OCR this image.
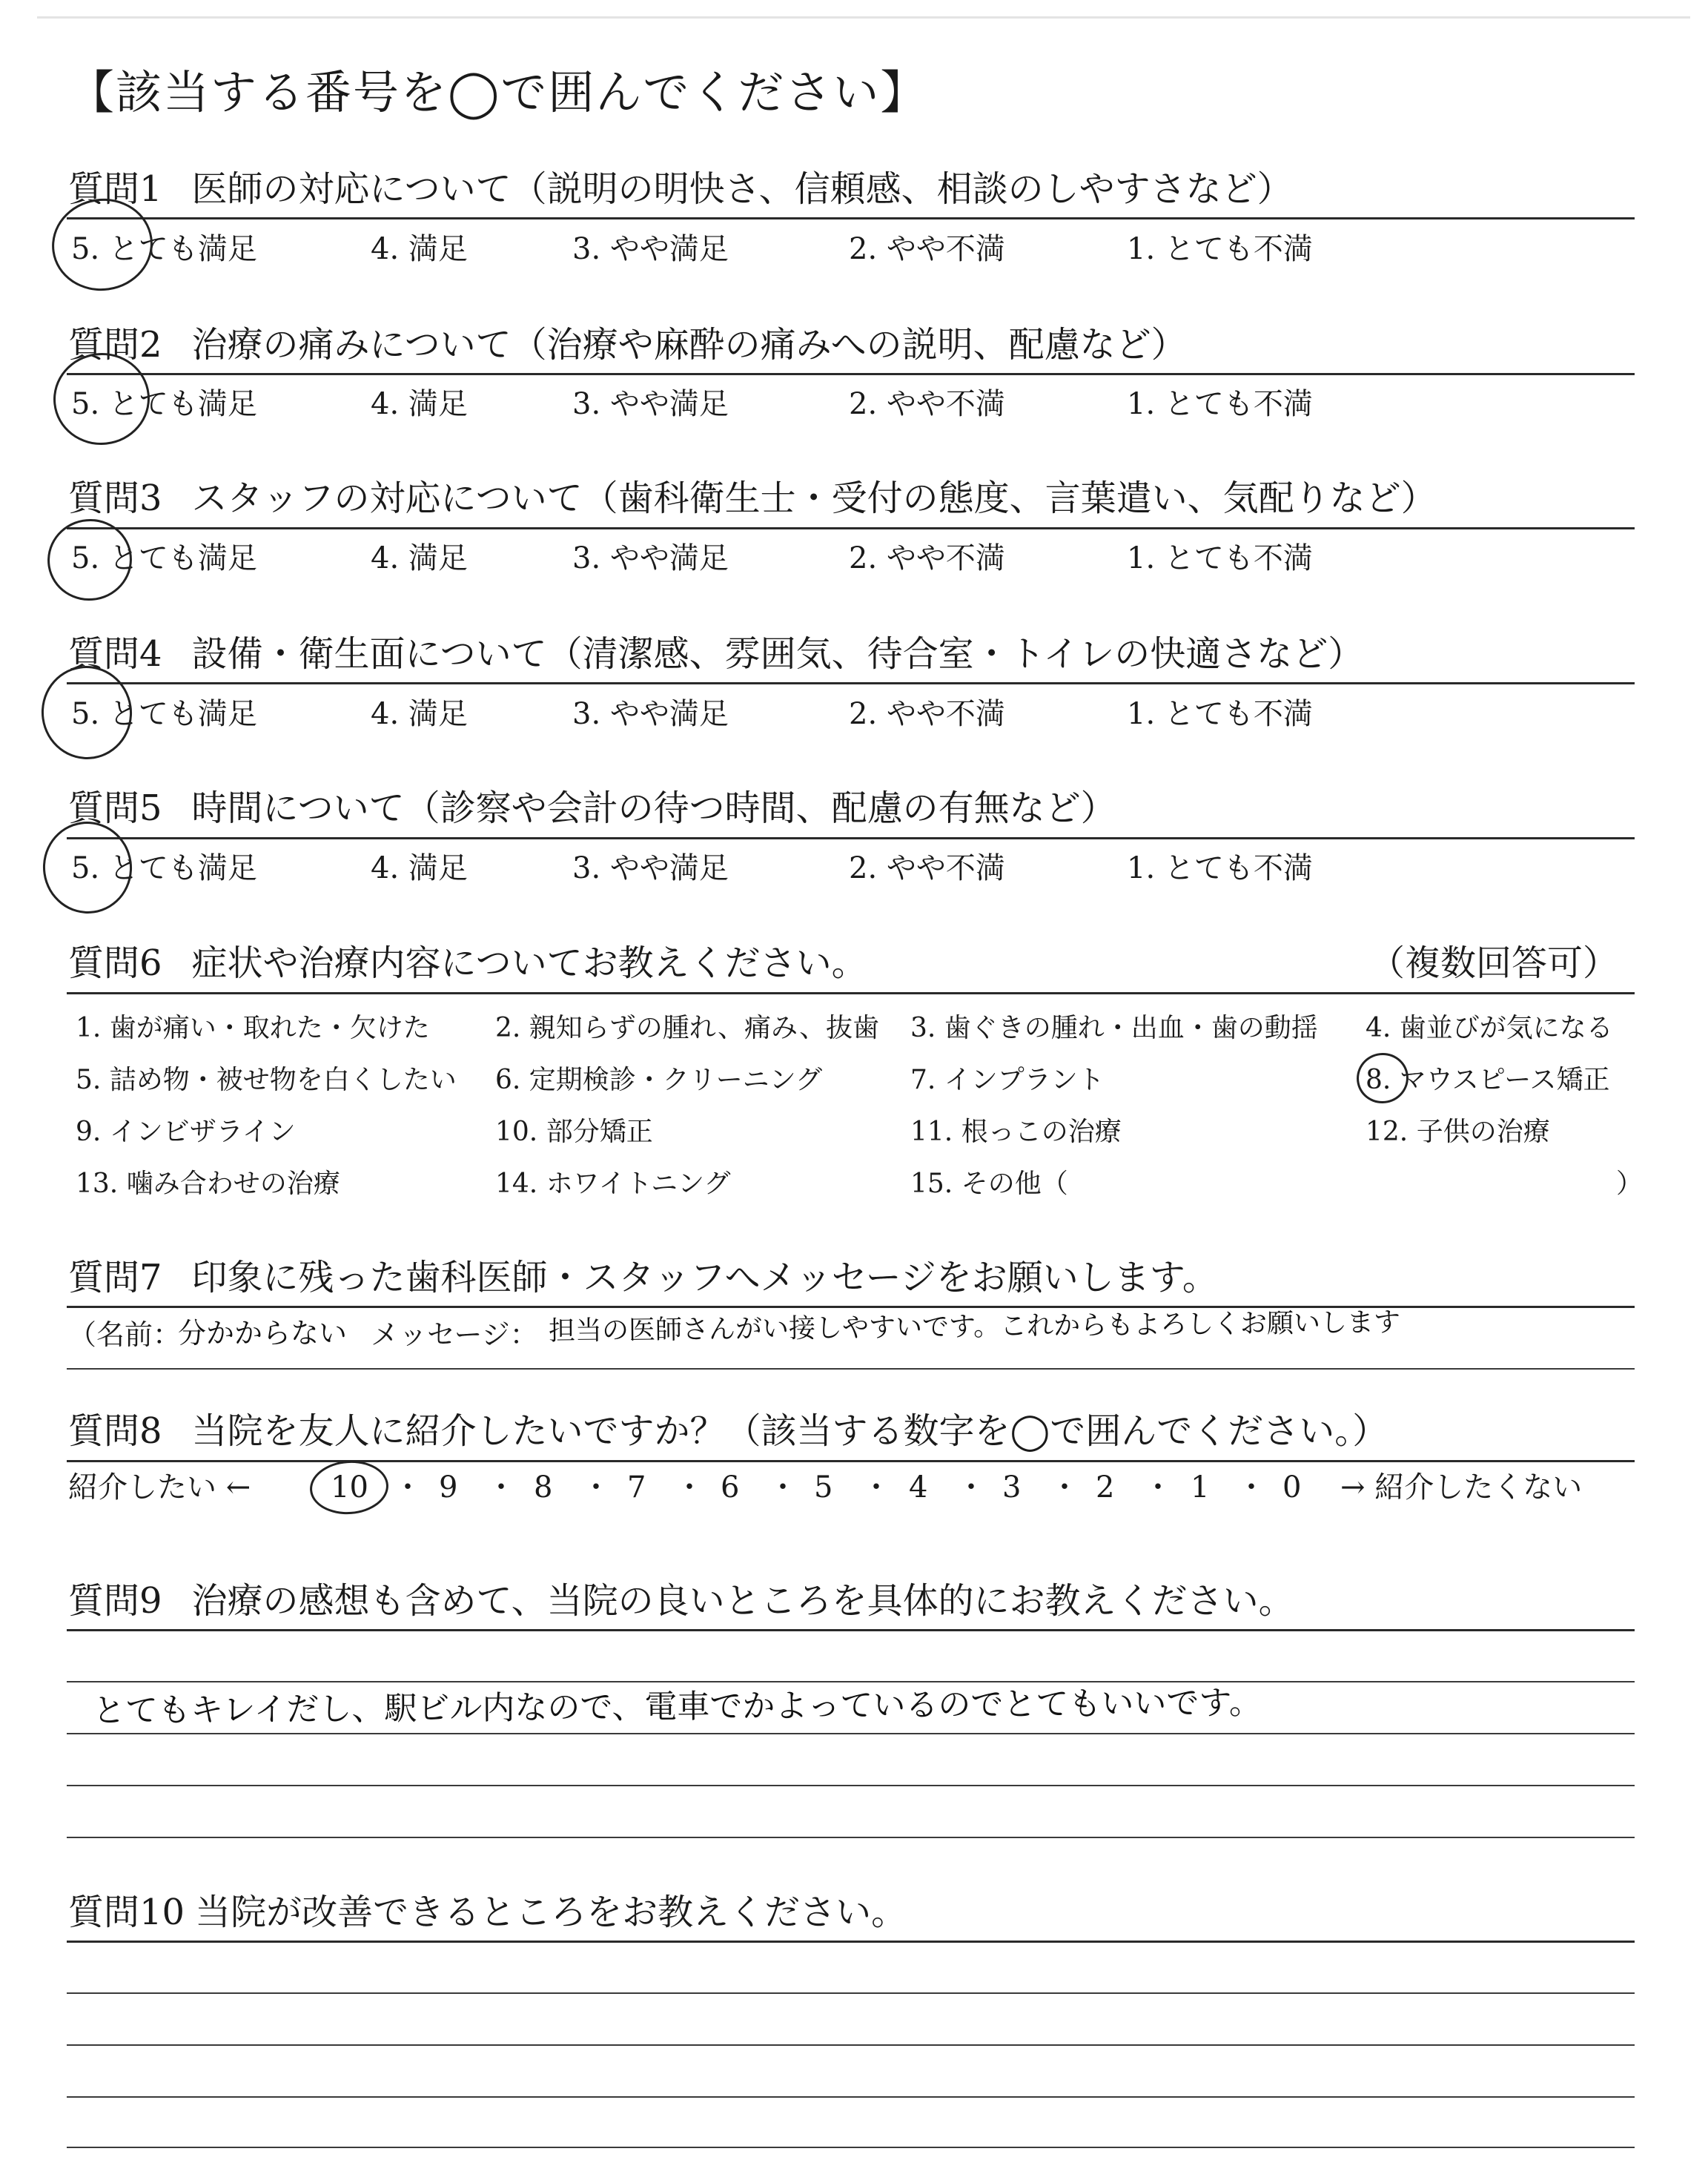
【該当する番号を◯で囲んでください】
質問1 医師の対応について（説明の明快さ、信頼感、相談のしやすさなど）
5. とても満足	4. 満足	3. やや満足	2. やや不満	1. とても不満
質問2 治療の痛みについて（治療や麻酔の痛みへの説明、配慮など）
5. とても満足	4. 満足	3. やや満足	2. やや不満	1. とても不満
質問3 スタッフの対応について（歯科衛生士・受付の態度、言葉遣い、気配りなど）
5. とても満足	4. 満足	3. やや満足	2. やや不満	1. とても不満
質問4 設備・衛生面について（清潔感、雰囲気、待合室・トイレの快適さなど）
5. とても満足	4. 満足	3. やや満足	2. やや不満	1. とても不満
質問5 時間について（診察や会計の待つ時間、配慮の有無など）
5. とても満足	4. 満足	3. やや満足	2. やや不満	1. とても不満
質問6 症状や治療内容についてお教えください。	（複数回答可）
1. 歯が痛い・取れた・欠けた 2. 親知らずの腫れ、痛み、抜歯 3. 歯ぐきの腫れ・出血・歯の動揺 4. 歯並びが気になる
5. 詰め物・被せ物を白くしたい 6. 定期検診・クリーニング	7. インプラント	8. マウスピース矯正
9. インビザライン	10. 部分矯正	11. 根っこの治療	12. 子供の治療
13. 噛み合わせの治療	14. ホワイトニング	15. その他（	）
質問7 印象に残った歯科医師・スタッフへメッセージをお願いします。
（名前：
分かからない メッセージ： 担当の医師さんがい接しやすいです。これからもよろしくお願いします
質問8 当院を友人に紹介したいですか？（該当する数字を◯で囲んでください。）
紹介したい ←	10 ・ 9 ・ 8 ・ 7 ・ 6 ・ 5 ・ 4 ・ 3 ・ 2 ・ 1 ・ 0 → 紹介したくない
質問9 治療の感想も含めて、当院の良いところを具体的にお教えください。
とてもキレイだし、駅ビル内なので、電車でかよっているのでとてもいいです。
質問10 当院が改善できるところをお教えください。
